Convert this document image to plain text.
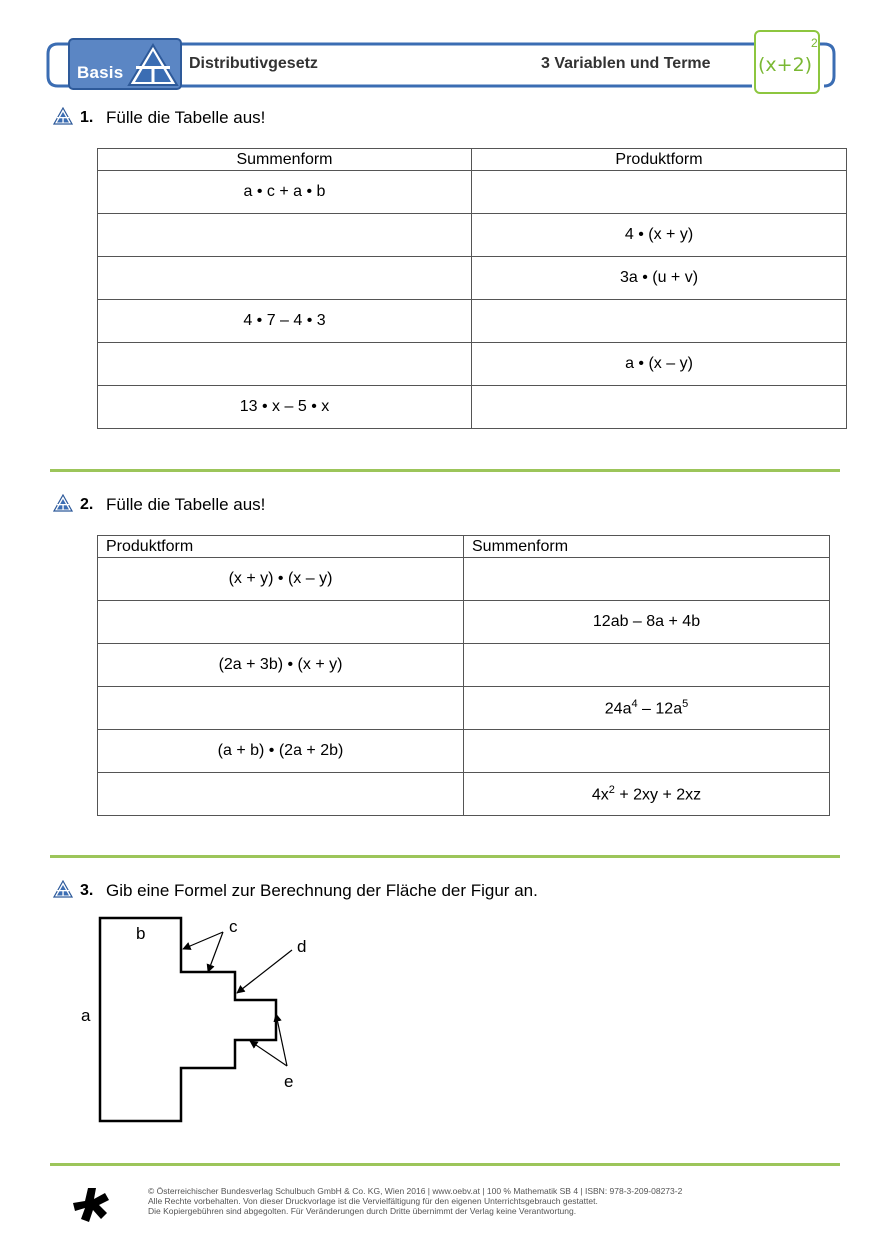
Basis	Distributivgesetz	3 Variablen und Terme (x+2)
2
1. Fülle die Tabelle aus!
Summenform	Produktform
a • c + a • b	
	4 • (x + y)
	3a • (u + v)
4 • 7 – 4 • 3	
	a • (x – y)
13 • x – 5 • x	
2. Fülle die Tabelle aus!
Produktform	Summenform
(x + y) • (x – y)	
	12ab – 8a + 4b
(2a + 3b) • (x + y)	
	$24a^4 - 12a^5$
(a + b) • (2a + 2b)	
	$4x^2 + 2xy + 2xz$
3. Gib eine Formel zur Berechnung der Fläche der Figur an.
b	c
d
a
e
© Österreichischer Bundesverlag Schulbuch GmbH & Co. KG, Wien 2016 | www.oebv.at | 100 % Mathematik SB 4 | ISBN: 978-3-209-08273-2
Alle Rechte vorbehalten. Von dieser Druckvorlage ist die Vervielfältigung für den eigenen Unterrichtsgebrauch gestattet.
Die Kopiergebühren sind abgegolten. Für Veränderungen durch Dritte übernimmt der Verlag keine Verantwortung.
